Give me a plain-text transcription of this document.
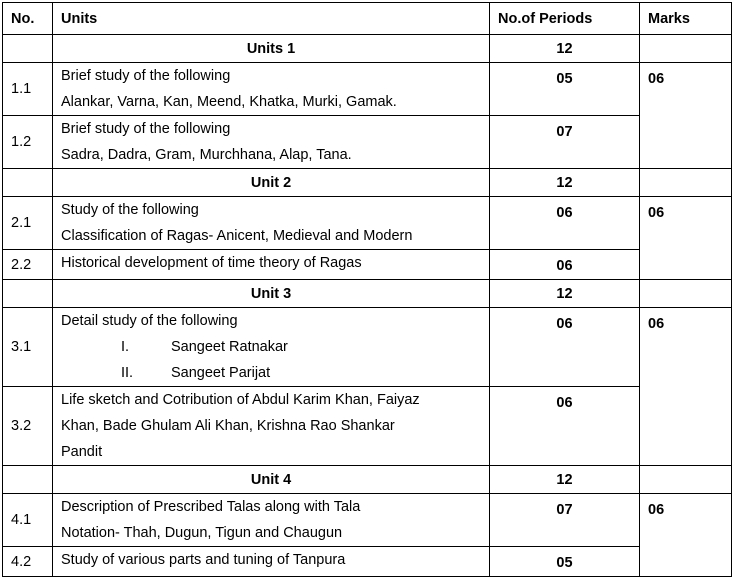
No.	Units	No.of Periods	Marks
	Units 1	12	
1.1	Brief study of the following
Alankar, Varna, Kan, Meend, Khatka, Murki, Gamak.	05	06
1.2	Brief study of the following
Sadra, Dadra, Gram, Murchhana, Alap, Tana.	07	
	Unit 2	12	
2.1	Study of the following
Classification of Ragas- Anicent, Medieval and Modern	06	06
2.2	Historical development of time theory of Ragas	06	
	Unit 3	12	
3.1	Detail study of the following
I. Sangeet Ratnakar
II. Sangeet Parijat	06	06
3.2	Life sketch and Cotribution of Abdul Karim Khan, Faiyaz
Khan, Bade Ghulam Ali Khan, Krishna Rao Shankar
Pandit	06	
	Unit 4	12	
4.1	Description of Prescribed Talas along with Tala
Notation- Thah, Dugun, Tigun and Chaugun	07	06
4.2	Study of various parts and tuning of Tanpura	05	
